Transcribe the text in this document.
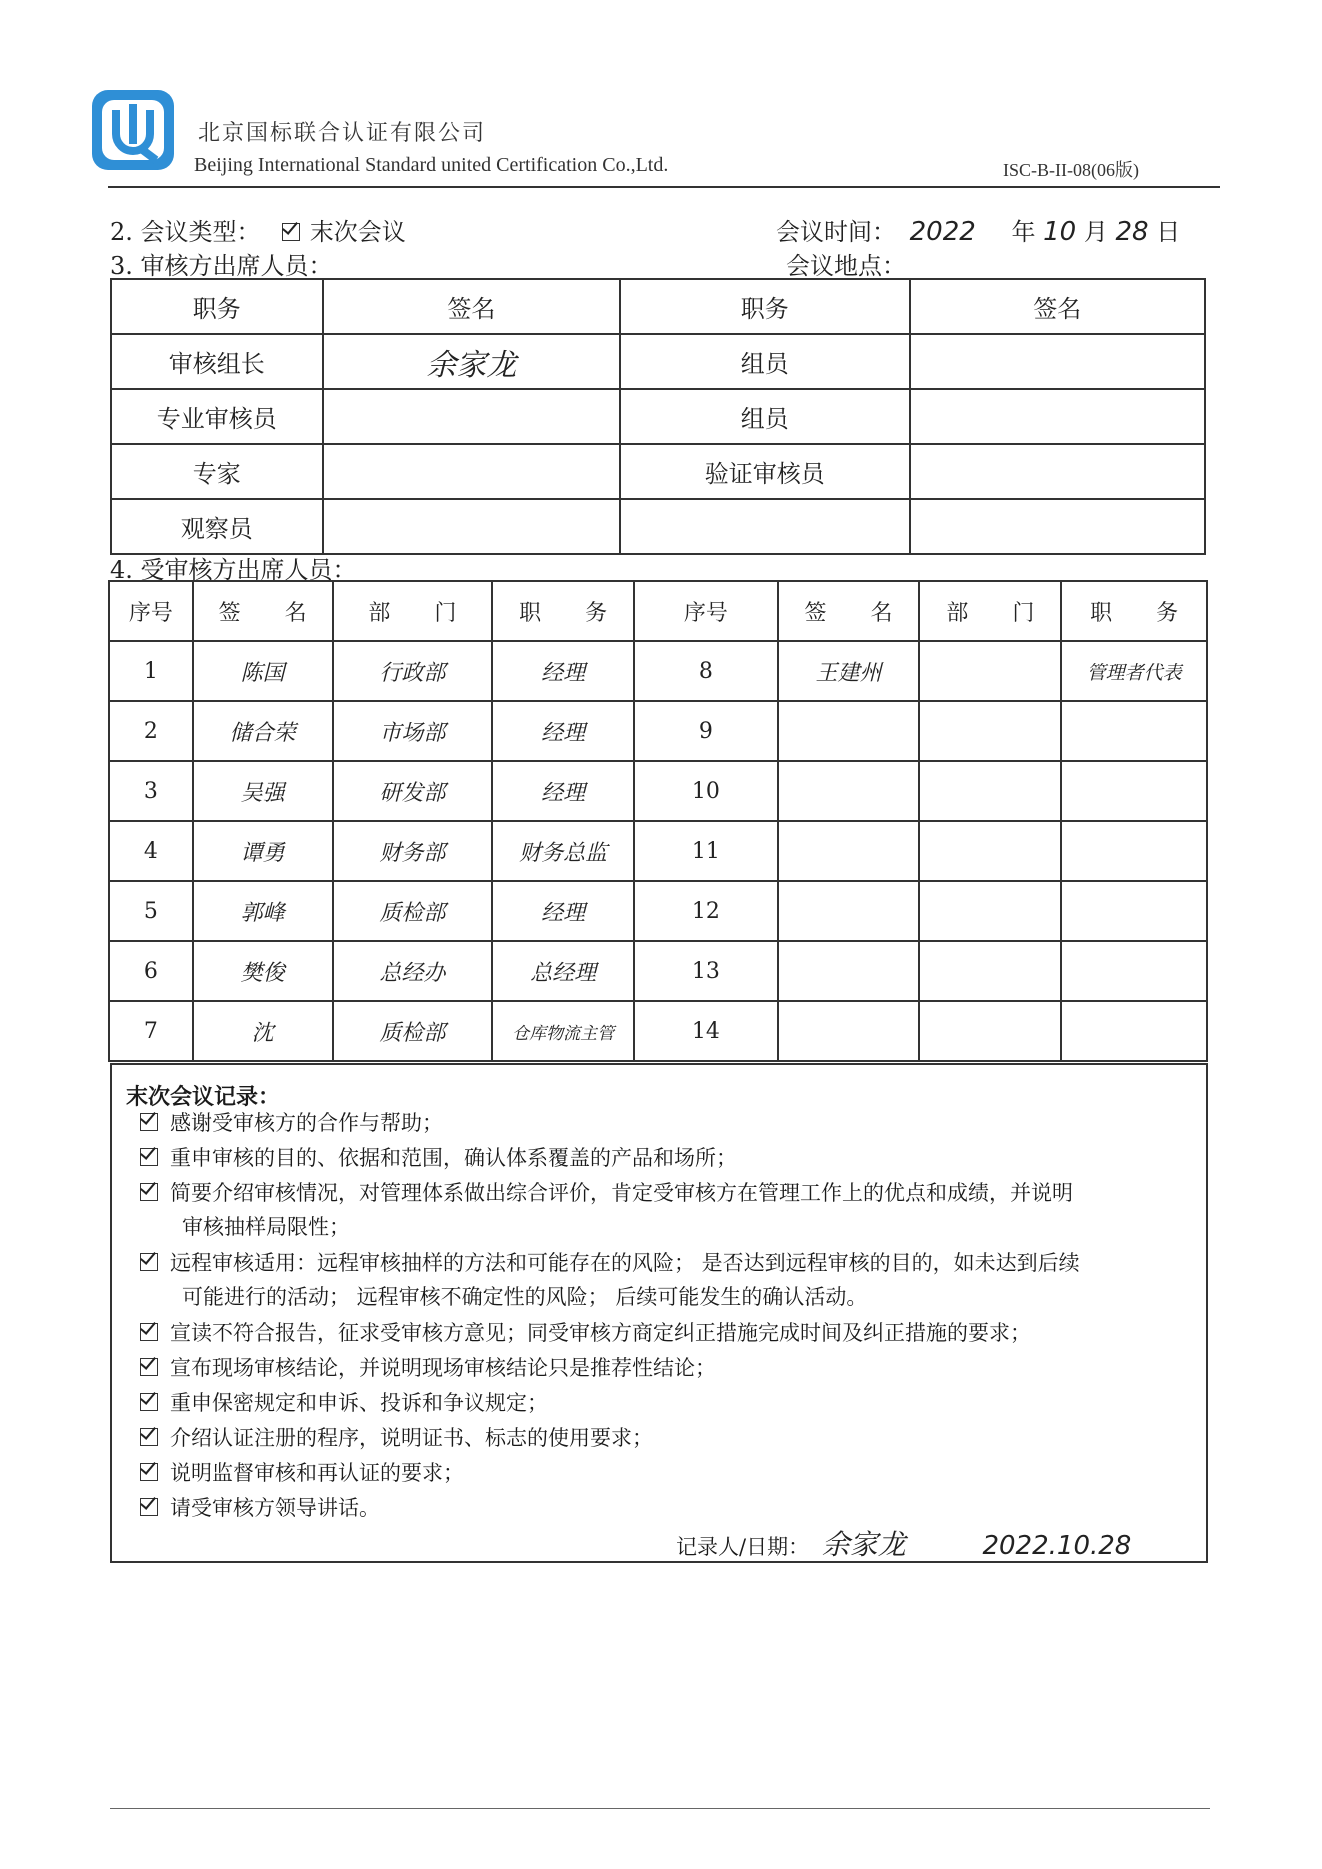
北京国标联合认证有限公司
Beijing International Standard united Certification Co.,Ltd.	ISC-B-II-08(06版)
2. 会议类型： 末次会议	会议时间： 2022 年 10 月 28 日
3. 审核方出席人员：	会议地点：
职务	签名	职务	签名
审核组长	余家龙	组员	
专业审核员		组员	
专家		验证审核员	
观察员			
4. 受审核方出席人员：
序号	签　　名	部　　门	职　　务	序号	签　　名	部　　门	职　　务
1	陈国	行政部	经理	8	王建州		管理者代表
2	储合荣	市场部	经理	9			
3	吴强	研发部	经理	10			
4	谭勇	财务部	财务总监	11			
5	郭峰	质检部	经理	12			
6	樊俊	总经办	总经理	13			
7	沈	质检部	仓库物流主管	14			
末次会议记录：
感谢受审核方的合作与帮助；
重申审核的目的、依据和范围，确认体系覆盖的产品和场所；
简要介绍审核情况，对管理体系做出综合评价，肯定受审核方在管理工作上的优点和成绩，并说明
审核抽样局限性；
远程审核适用：远程审核抽样的方法和可能存在的风险； 是否达到远程审核的目的，如未达到后续
可能进行的活动； 远程审核不确定性的风险； 后续可能发生的确认活动。
宣读不符合报告，征求受审核方意见；同受审核方商定纠正措施完成时间及纠正措施的要求；
宣布现场审核结论，并说明现场审核结论只是推荐性结论；
重申保密规定和申诉、投诉和争议规定；
介绍认证注册的程序，说明证书、标志的使用要求；
说明监督审核和再认证的要求；
请受审核方领导讲话。
记录人/日期： 余家龙	2022.10.28
